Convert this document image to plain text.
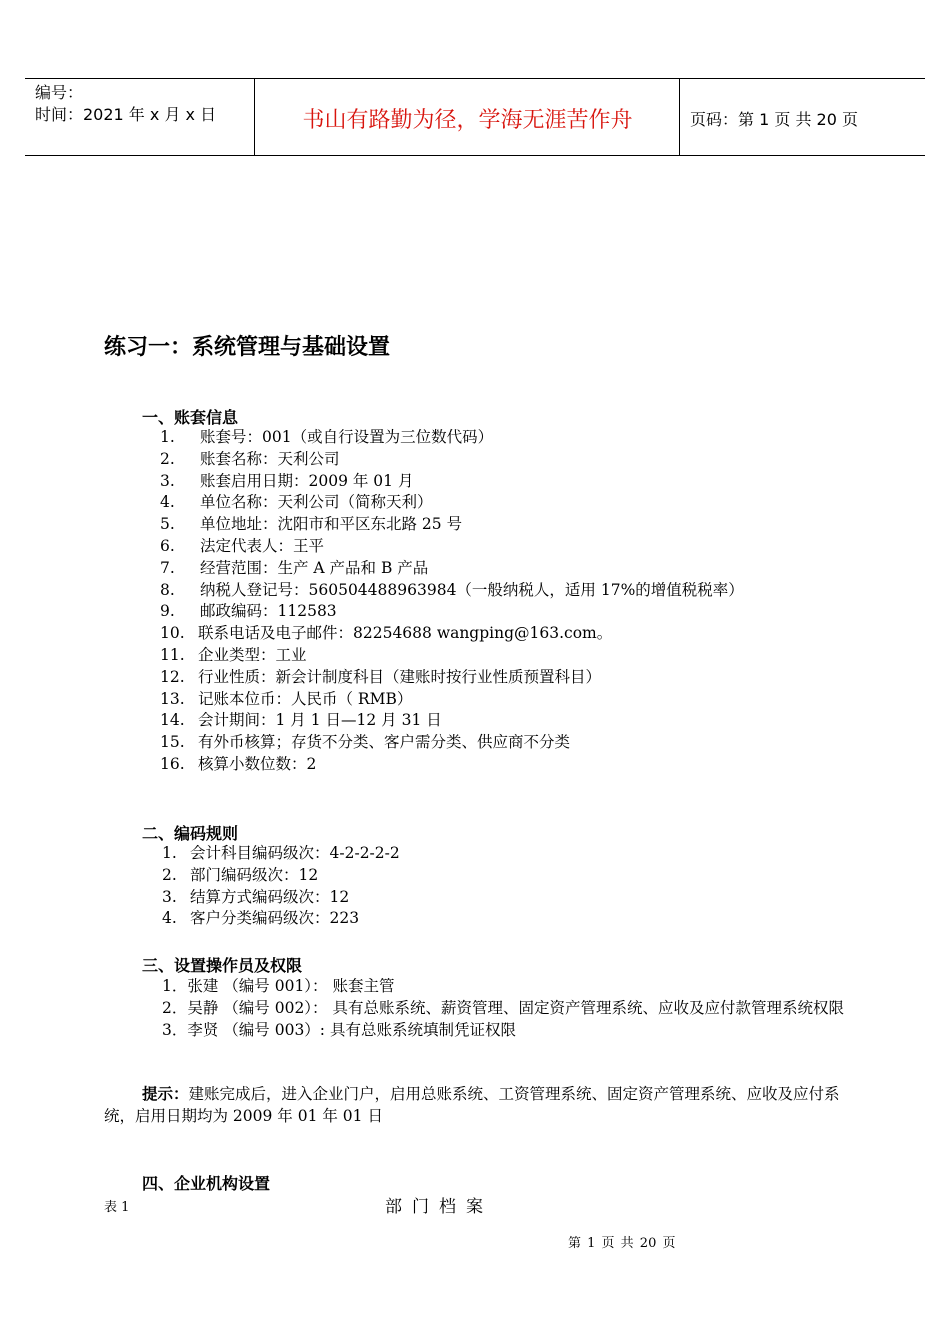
编号：
时间：2021 年 x 月 x 日	书山有路勤为径，学海无涯苦作舟	页码：第 1 页 共 20 页
练习一：系统管理与基础设置
一、账套信息
1. 账套号：001（或自行设置为三位数代码）
2. 账套名称：天利公司
3. 账套启用日期：2009 年 01 月
4. 单位名称：天利公司（简称天利）
5. 单位地址：沈阳市和平区东北路 25 号
6. 法定代表人：王平
7. 经营范围：生产 A 产品和 B 产品
8. 纳税人登记号：560504488963984（一般纳税人，适用 17%的增值税税率）
9. 邮政编码：112583
10. 联系电话及电子邮件：82254688 wangping@163.com。
11. 企业类型：工业
12. 行业性质：新会计制度科目（建账时按行业性质预置科目）
13. 记账本位币：人民币（ RMB）
14. 会计期间：1 月 1 日—12 月 31 日
15. 有外币核算；存货不分类、客户需分类、供应商不分类
16. 核算小数位数：2
二、编码规则
1. 会计科目编码级次：4-2-2-2-2
2. 部门编码级次：12
3. 结算方式编码级次：12
4. 客户分类编码级次：223
三、设置操作员及权限
1．张建 （编号 001）： 账套主管
2．吴静 （编号 002）： 具有总账系统、薪资管理、固定资产管理系统、应收及应付款管理系统权限
3．李贤 （编号 003）: 具有总账系统填制凭证权限
提示：建账完成后，进入企业门户，启用总账系统、工资管理系统、固定资产管理系统、应收及应付系统，启用日期均为 2009 年 01 年 01 日
四、企业机构设置
表 1	部门档案
第 1 页 共 20 页
